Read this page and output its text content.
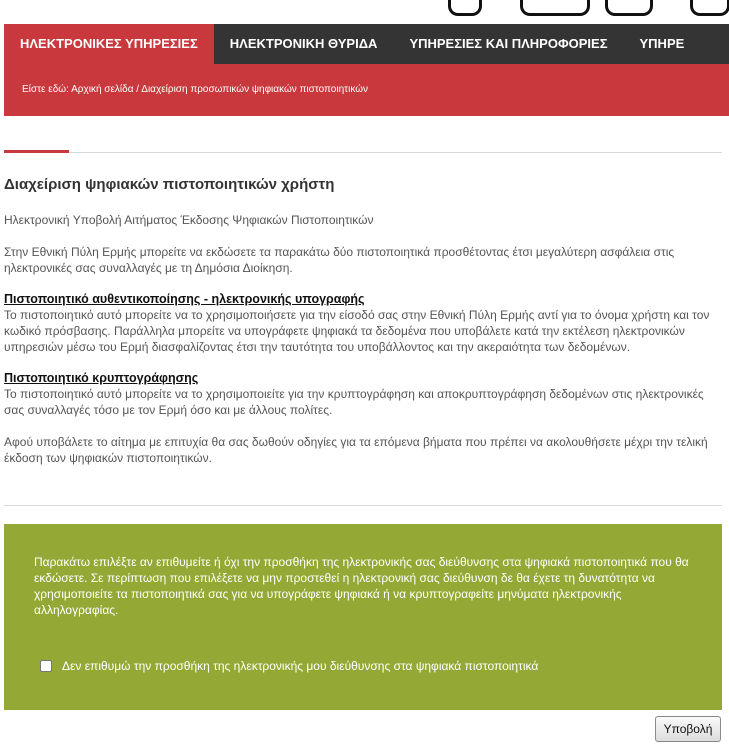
ΗΛΕΚΤΡΟΝΙΚΕΣ ΥΠΗΡΕΣΙΕΣ	ΗΛΕΚΤΡΟΝΙΚΗ ΘΥΡΙΔΑ	ΥΠΗΡΕΣΙΕΣ ΚΑΙ ΠΛΗΡΟΦΟΡΙΕΣ	ΥΠΗΡΕ
Είστε εδώ: Αρχική σελίδα / Διαχείριση προσωπικών ψηφιακών πιστοποιητικών
Διαχείριση ψηφιακών πιστοποιητικών χρήστη

Ηλεκτρονική Υποβολή Αιτήματος Έκδοσης Ψηφιακών Πιστοποιητικών

Στην Εθνική Πύλη Ερμής μπορείτε να εκδώσετε τα παρακάτω δύο πιστοποιητικά προσθέτοντας έτσι μεγαλύτερη ασφάλεια στις ηλεκτρονικές σας συναλλαγές με τη Δημόσια Διοίκηση.

Πιστοποιητικό αυθεντικοποίησης - ηλεκτρονικής υπογραφής

Το πιστοποιητικό αυτό μπορείτε να το χρησιμοποιήσετε για την είσοδό σας στην Εθνική Πύλη Ερμής αντί για το όνομα χρήστη και τον κωδικό πρόσβασης. Παράλληλα μπορείτε να υπογράφετε ψηφιακά τα δεδομένα που υποβάλετε κατά την εκτέλεση ηλεκτρονικών υπηρεσιών μέσω του Ερμή διασφαλίζοντας έτσι την ταυτότητα του υποβάλλοντος και την ακεραιότητα των δεδομένων.

Πιστοποιητικό κρυπτογράφησης

Το πιστοποιητικό αυτό μπορείτε να το χρησιμοποιείτε για την κρυπτογράφηση και αποκρυπτογράφηση δεδομένων στις ηλεκτρονικές σας συναλλαγές τόσο με τον Ερμή όσο και με άλλους πολίτες.

Αφού υποβάλετε το αίτημα με επιτυχία θα σας δωθούν οδηγίες για τα επόμενα βήματα που πρέπει να ακολουθήσετε μέχρι την τελική έκδοση των ψηφιακών πιστοποιητικών.

Παρακάτω επιλέξτε αν επιθυμείτε ή όχι την προσθήκη της ηλεκτρονικής σας διεύθυνσης στα ψηφιακά πιστοποιητικά που θα εκδώσετε. Σε περίπτωση που επιλέξετε να μην προστεθεί η ηλεκτρονική σας διεύθυνση δε θα έχετε τη δυνατότητα να χρησιμοποιείτε τα πιστοποιητικά σας για να υπογράφετε ψηφιακά ή να κρυπτογραφείτε μηνύματα ηλεκτρονικής αλληλογραφίας.
Δεν επιθυμώ την προσθήκη της ηλεκτρονικής μου διεύθυνσης στα ψηφιακά πιστοποιητικά
Υποβολή
